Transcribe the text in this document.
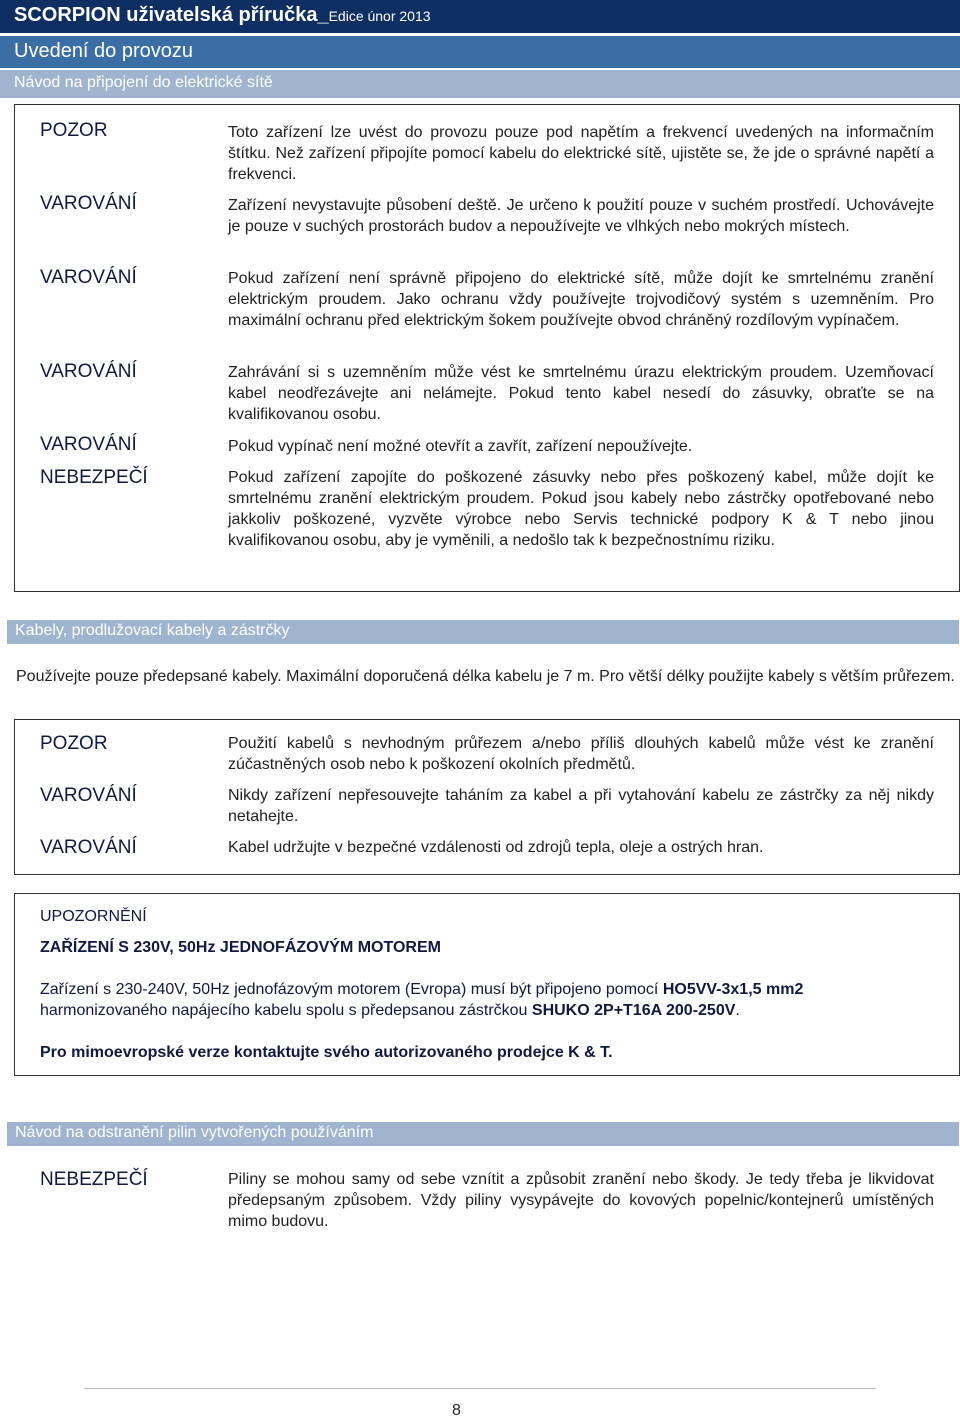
SCORPION uživatelská příručka_Edice únor 2013
Uvedení do provozu
Návod na připojení do elektrické sítě
POZOR
VAROVÁNÍ
VAROVÁNÍ
VAROVÁNÍ
VAROVÁNÍ
NEBEZPEČÍ
Toto zařízení lze uvést do provozu pouze pod napětím a frekvencí uvedených na informačním štítku. Než zařízení připojíte pomocí kabelu do elektrické sítě, ujistěte se, že jde o správné napětí a frekvenci.
Zařízení nevystavujte působení deště. Je určeno k použití pouze v suchém prostředí. Uchovávejte je pouze v suchých prostorách budov a nepoužívejte ve vlhkých nebo mokrých místech.
Pokud zařízení není správně připojeno do elektrické sítě, může dojít ke smrtelnému zranění elektrickým proudem. Jako ochranu vždy používejte trojvodičový systém s uzemněním. Pro maximální ochranu před elektrickým šokem používejte obvod chráněný rozdílovým vypínačem.
Zahrávání si s uzemněním může vést ke smrtelnému úrazu elektrickým proudem. Uzemňovací kabel neodřezávejte ani nelámejte. Pokud tento kabel nesedí do zásuvky, obraťte se na kvalifikovanou osobu.
Pokud vypínač není možné otevřít a zavřít, zařízení nepoužívejte.
Pokud zařízení zapojíte do poškozené zásuvky nebo přes poškozený kabel, může dojít ke smrtelnému zranění elektrickým proudem. Pokud jsou kabely nebo zástrčky opotřebované nebo jakkoliv poškozené, vyzvěte výrobce nebo Servis technické podpory K & T nebo jinou kvalifikovanou osobu, aby je vyměnili, a nedošlo tak k bezpečnostnímu riziku.
Kabely, prodlužovací kabely a zástrčky
Používejte pouze předepsané kabely. Maximální doporučená délka kabelu je 7 m. Pro větší délky použijte kabely s větším průřezem.
POZOR
VAROVÁNÍ
VAROVÁNÍ
Použití kabelů s nevhodným průřezem a/nebo příliš dlouhých kabelů může vést ke zranění zúčastněných osob nebo k poškození okolních předmětů.
Nikdy zařízení nepřesouvejte taháním za kabel a při vytahování kabelu ze zástrčky za něj nikdy netahejte.
Kabel udržujte v bezpečné vzdálenosti od zdrojů tepla, oleje a ostrých hran.
UPOZORNĚNÍ
ZAŘÍZENÍ S 230V, 50Hz JEDNOFÁZOVÝM MOTOREM
Zařízení s 230-240V, 50Hz jednofázovým motorem (Evropa) musí být připojeno pomocí HO5VV-3x1,5 mm2 harmonizovaného napájecího kabelu spolu s předepsanou zástrčkou SHUKO 2P+T16A 200-250V.
Pro mimoevropské verze kontaktujte svého autorizovaného prodejce K & T.
Návod na odstranění pilin vytvořených používáním
NEBEZPEČÍ	Piliny se mohou samy od sebe vznítit a způsobit zranění nebo škody. Je tedy třeba je likvidovat předepsaným způsobem. Vždy piliny vysypávejte do kovových popelnic/kontejnerů umístěných mimo budovu.
8
